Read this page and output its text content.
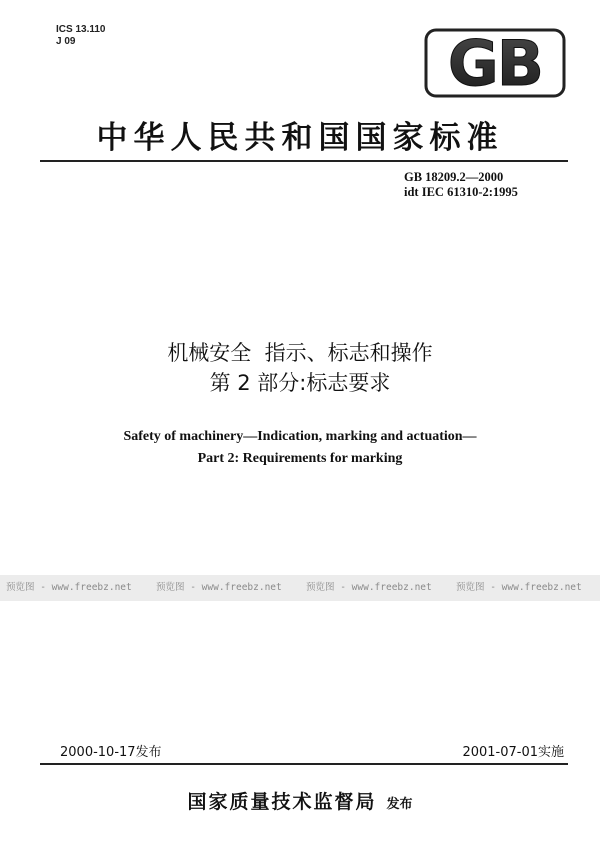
ICS 13.110
J 09	GB
中华人民共和国国家标准
GB 18209.2—2000
idt IEC 61310-2:1995
机械安全  指示、标志和操作
第 2 部分:标志要求
Safety of machinery—Indication, marking and actuation—
Part 2: Requirements for marking
预览图 - www.freebz.net	预览图 - www.freebz.net	预览图 - www.freebz.net	预览图 - www.freebz.net
2000-10-17发布	2001-07-01实施
国家质量技术监督局 发布
